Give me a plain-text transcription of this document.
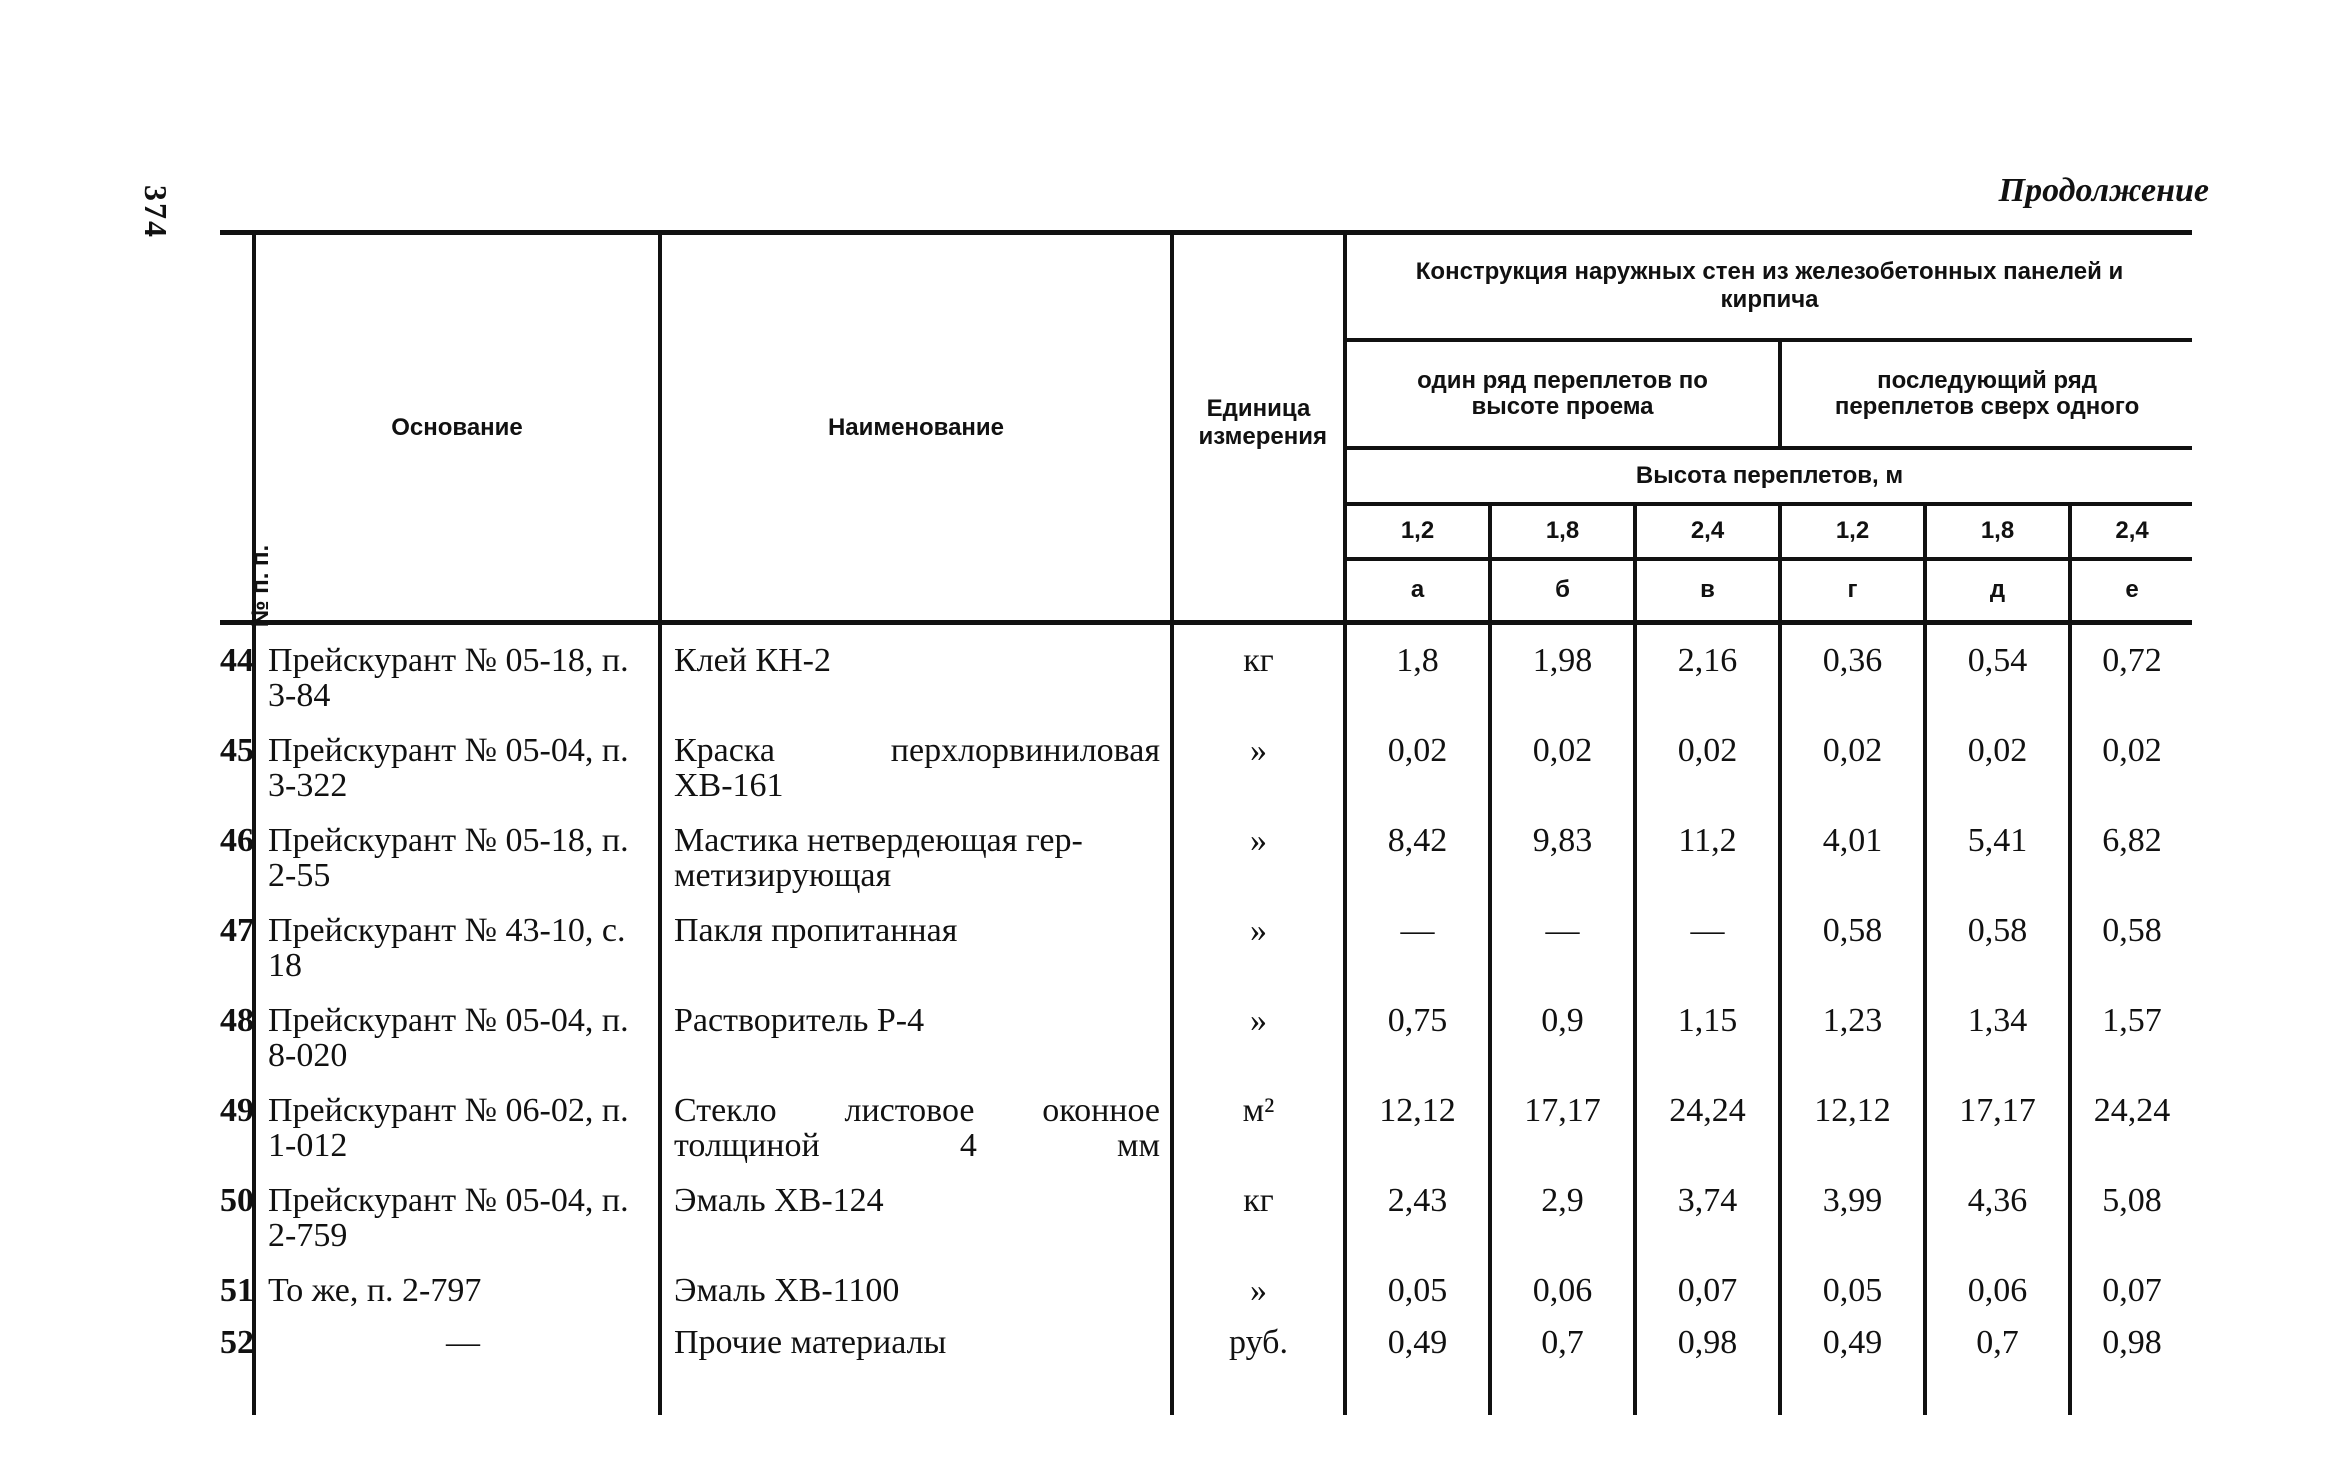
374	Продолжение
№ п. п.	Основание	Наименование	Единица измерения	Конструкция наружных стен из железобетонных панелей и кирпича					
				один ряд переплетов по высоте проема			последующий ряд переплетов сверх одного		
				Высота переплетов, м					
				1,2	1,8	2,4	1,2	1,8	2,4
				а	б	в	г	д	е
44	Прейскурант № 05-18, п. 3-84	Клей КН-2	кг	1,8	1,98	2,16	0,36	0,54	0,72
45	Прейскурант № 05-04, п. 3-322	Краска перхлорвиниловая ХВ-161	»	0,02	0,02	0,02	0,02	0,02	0,02
46	Прейскурант № 05-18, п. 2-55	Мастика нетвердеющая гер-метизирующая	»	8,42	9,83	11,2	4,01	5,41	6,82
47	Прейскурант № 43-10, с. 18	Пакля пропитанная	»	—	—	—	0,58	0,58	0,58
48	Прейскурант № 05-04, п. 8-020	Растворитель Р-4	»	0,75	0,9	1,15	1,23	1,34	1,57
49	Прейскурант № 06-02, п. 1-012	Стекло листовое оконное толщиной 4 мм	м²	12,12	17,17	24,24	12,12	17,17	24,24
50	Прейскурант № 05-04, п. 2-759	Эмаль ХВ-124	кг	2,43	2,9	3,74	3,99	4,36	5,08
51	То же, п. 2-797	Эмаль ХВ-1100	»	0,05	0,06	0,07	0,05	0,06	0,07
52	—	Прочие материалы	руб.	0,49	0,7	0,98	0,49	0,7	0,98
